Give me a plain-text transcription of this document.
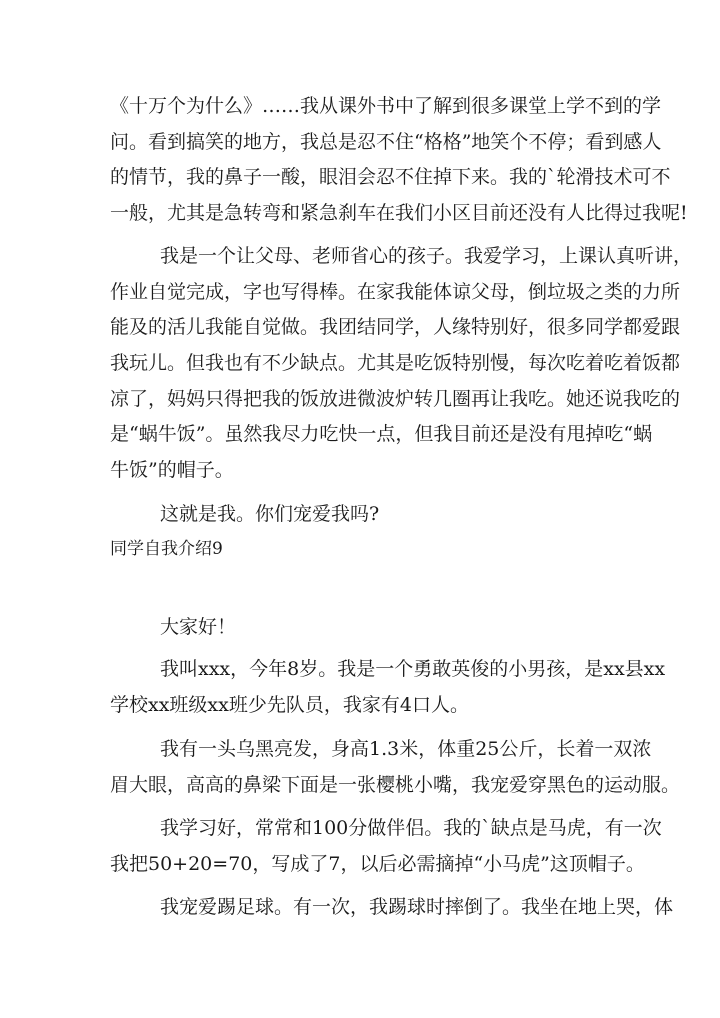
《十万个为什么》……我从课外书中了解到很多课堂上学不到的学
问。看到搞笑的地方，我总是忍不住“格格”地笑个不停；看到感人
的情节，我的鼻子一酸，眼泪会忍不住掉下来。我的`轮滑技术可不
一般，尤其是急转弯和紧急刹车在我们小区目前还没有人比得过我呢!
我是一个让父母、老师省心的孩子。我爱学习，上课认真听讲，
作业自觉完成，字也写得棒。在家我能体谅父母，倒垃圾之类的力所
能及的活儿我能自觉做。我团结同学，人缘特别好，很多同学都爱跟
我玩儿。但我也有不少缺点。尤其是吃饭特别慢，每次吃着吃着饭都
凉了，妈妈只得把我的饭放进微波炉转几圈再让我吃。她还说我吃的
是“蜗牛饭”。虽然我尽力吃快一点，但我目前还是没有甩掉吃“蜗
牛饭”的帽子。
这就是我。你们宠爱我吗?
同学自我介绍9
大家好！
我叫xxx，今年8岁。我是一个勇敢英俊的小男孩，是xx县xx
学校xx班级xx班少先队员，我家有4口人。
我有一头乌黑亮发，身高1.3米，体重25公斤，长着一双浓
眉大眼，高高的鼻梁下面是一张樱桃小嘴，我宠爱穿黑色的运动服。
我学习好，常常和100分做伴侣。我的`缺点是马虎，有一次
我把50+20=70，写成了7，以后必需摘掉“小马虎”这顶帽子。
我宠爱踢足球。有一次，我踢球时摔倒了。我坐在地上哭，体
